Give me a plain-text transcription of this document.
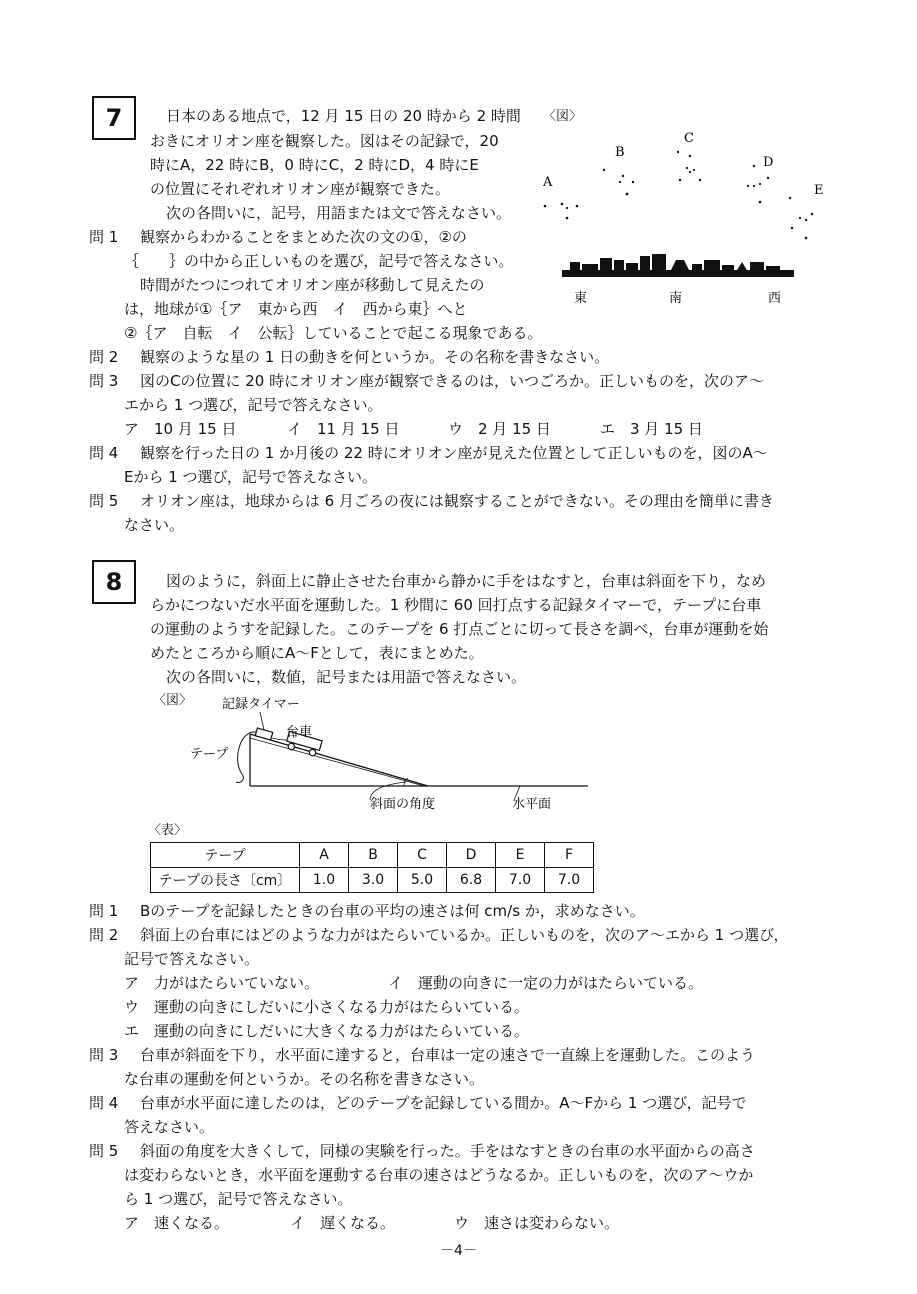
7	日本のある地点で，12 月 15 日の 20 時から 2 時間
おきにオリオン座を観察した。図はその記録で，20
時にA，22 時にB，0 時にC，2 時にD，4 時にE
の位置にそれぞれオリオン座が観察できた。
次の各問いに，記号，用語または文で答えなさい。
〈図〉
A
B
C
D
E
東	南	西
問 1 観察からわかることをまとめた次の文の①，②の
｛　　｝の中から正しいものを選び，記号で答えなさい。
時間がたつにつれてオリオン座が移動して見えたの
は，地球が①｛ア　東から西　イ　西から東｝へと
②｛ア　自転　イ　公転｝していることで起こる現象である。
問 2 観察のような星の 1 日の動きを何というか。その名称を書きなさい。
問 3 図のCの位置に 20 時にオリオン座が観察できるのは，いつごろか。正しいものを，次のア～
エから 1 つ選び，記号で答えなさい。
ア　10 月 15 日	イ　11 月 15 日	ウ　2 月 15 日	エ　3 月 15 日
問 4 観察を行った日の 1 か月後の 22 時にオリオン座が見えた位置として正しいものを，図のA～
Eから 1 つ選び，記号で答えなさい。
問 5 オリオン座は，地球からは 6 月ごろの夜には観察することができない。その理由を簡単に書き
なさい。
8	図のように，斜面上に静止させた台車から静かに手をはなすと，台車は斜面を下り，なめ
らかにつないだ水平面を運動した。1 秒間に 60 回打点する記録タイマーで，テープに台車
の運動のようすを記録した。このテープを 6 打点ごとに切って長さを調べ，台車が運動を始
めたところから順にA～Fとして，表にまとめた。
次の各問いに，数値，記号または用語で答えなさい。
〈図〉 記録タイマー
台車
テープ
斜面の角度	水平面
〈表〉
テープ	A	B	C	D	E	F
テープの長さ〔cm〕	1.0	3.0	5.0	6.8	7.0	7.0
問 1 Bのテープを記録したときの台車の平均の速さは何 cm/s か，求めなさい。
問 2 斜面上の台車にはどのような力がはたらいているか。正しいものを，次のア～エから 1 つ選び，
記号で答えなさい。
ア　力がはたらいていない。	イ　運動の向きに一定の力がはたらいている。
ウ　運動の向きにしだいに小さくなる力がはたらいている。
エ　運動の向きにしだいに大きくなる力がはたらいている。
問 3 台車が斜面を下り，水平面に達すると，台車は一定の速さで一直線上を運動した。このよう
な台車の運動を何というか。その名称を書きなさい。
問 4 台車が水平面に達したのは，どのテープを記録している間か。A～Fから 1 つ選び，記号で
答えなさい。
問 5 斜面の角度を大きくして，同様の実験を行った。手をはなすときの台車の水平面からの高さ
は変わらないとき，水平面を運動する台車の速さはどうなるか。正しいものを，次のア～ウか
ら 1 つ選び，記号で答えなさい。
ア　速くなる。	イ　遅くなる。	ウ　速さは変わらない。
－4－
